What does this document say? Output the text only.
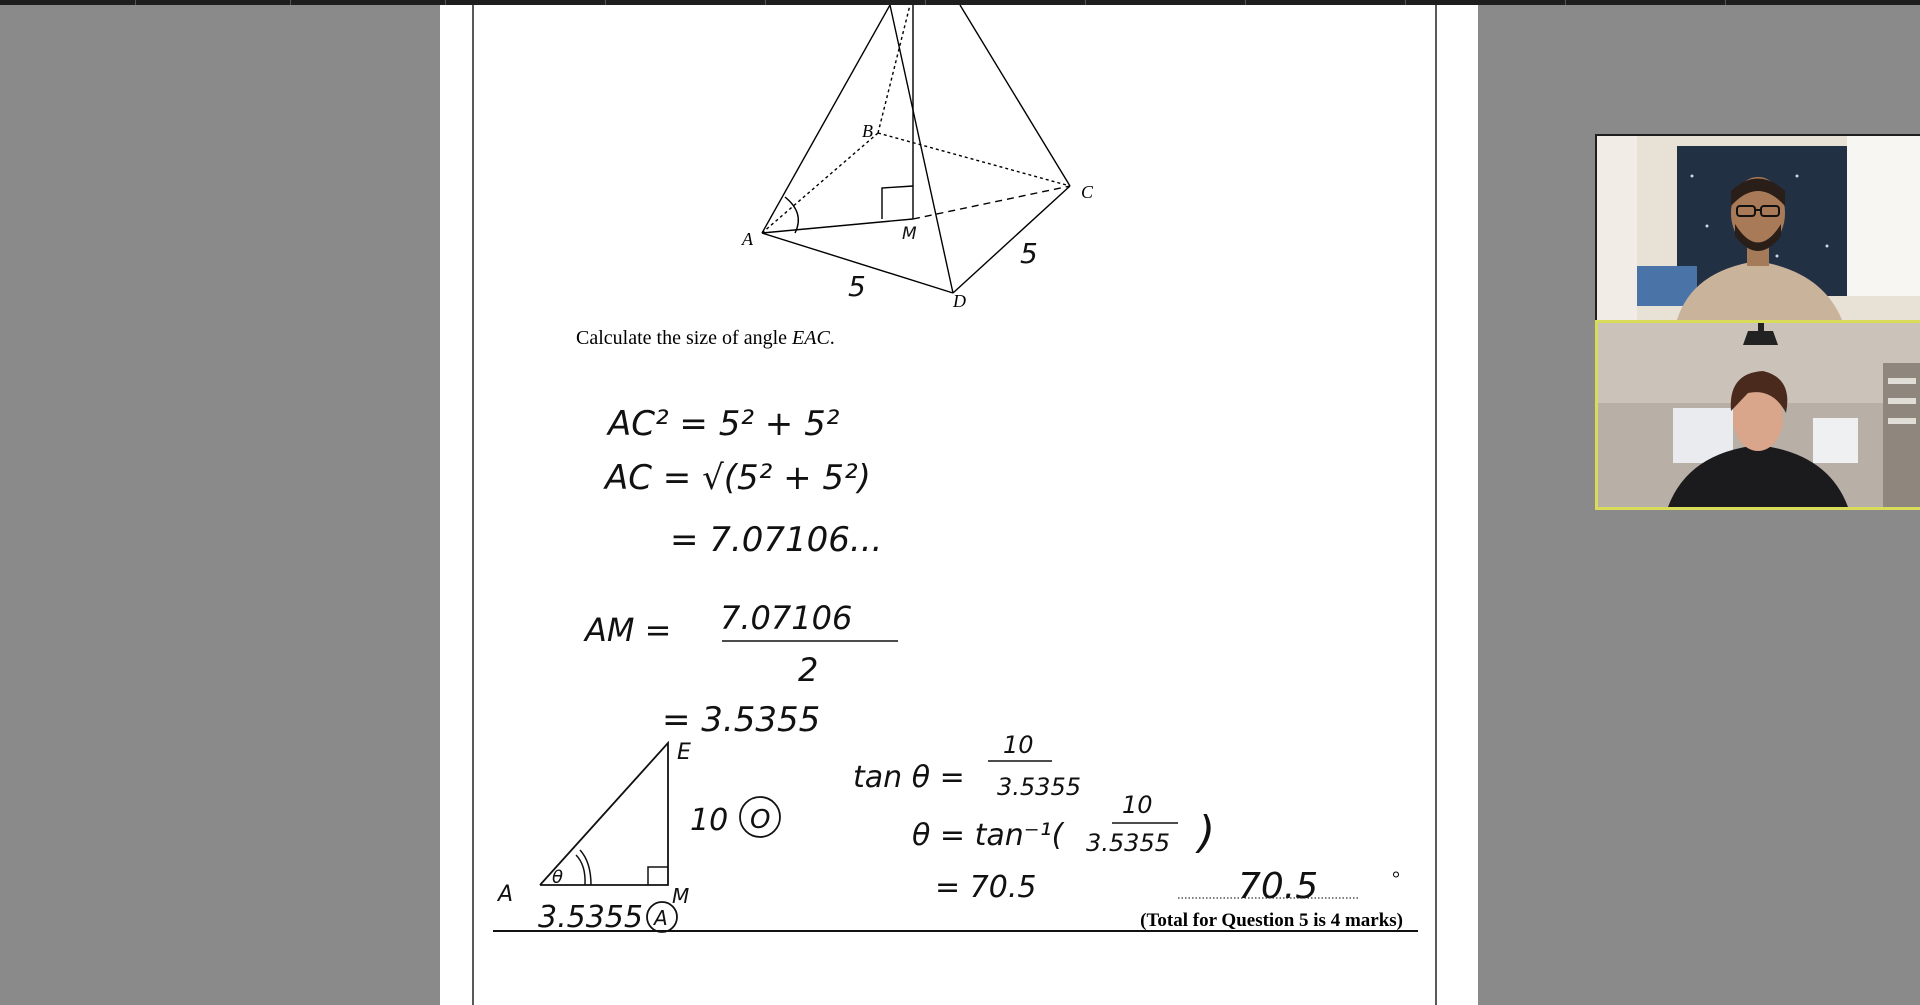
A
B
C
D
M
5
5
AC² = 5² + 5²
AC = √(5² + 5²)
= 7.07106...
AM = 7.07106
2
= 3.5355
tan θ =
10
3.5355
θ = tan⁻¹(
10
3.5355 )
= 70.5
E
A	M
θ
10 O
3.5355 A
70.5	°
(Total for Question 5 is 4 marks)
Calculate the size of angle EAC.
